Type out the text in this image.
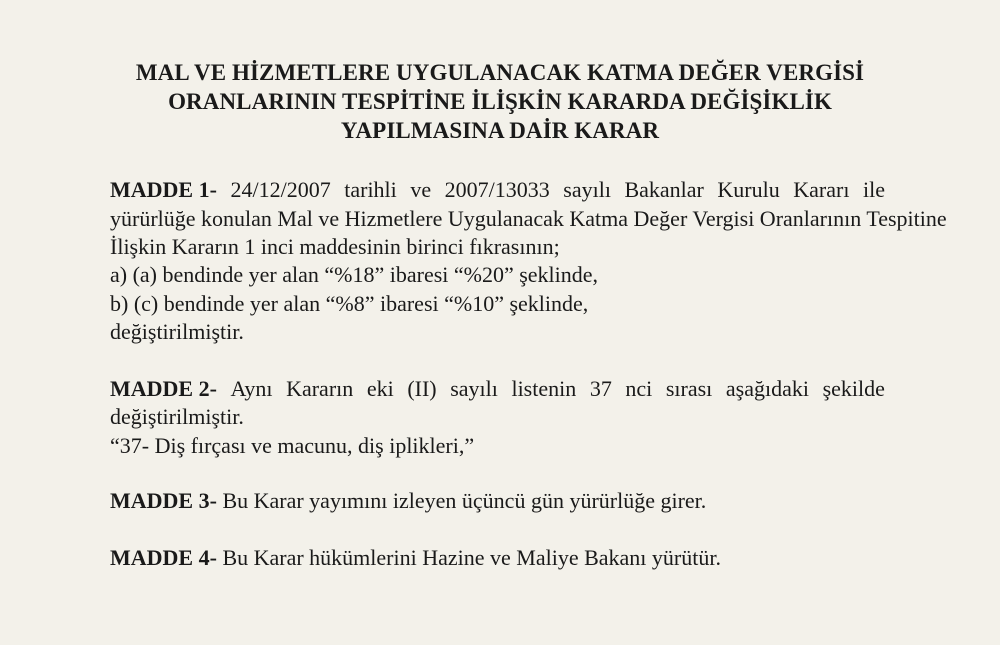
MAL VE HİZMETLERE UYGULANACAK KATMA DEĞER VERGİSİ
ORANLARININ TESPİTİNE İLİŞKİN KARARDA DEĞİŞİKLİK
YAPILMASINA DAİR KARAR
MADDE 1- 24/12/2007 tarihli ve 2007/13033 sayılı Bakanlar Kurulu Kararı ile
yürürlüğe konulan Mal ve Hizmetlere Uygulanacak Katma Değer Vergisi Oranlarının Tespitine
İlişkin Kararın 1 inci maddesinin birinci fıkrasının;
a) (a) bendinde yer alan “%18” ibaresi “%20” şeklinde,
b) (c) bendinde yer alan “%8” ibaresi “%10” şeklinde,
değiştirilmiştir.
MADDE 2- Aynı Kararın eki (II) sayılı listenin 37 nci sırası aşağıdaki şekilde
değiştirilmiştir.
“37- Diş fırçası ve macunu, diş iplikleri,”
MADDE 3- Bu Karar yayımını izleyen üçüncü gün yürürlüğe girer.
MADDE 4- Bu Karar hükümlerini Hazine ve Maliye Bakanı yürütür.
